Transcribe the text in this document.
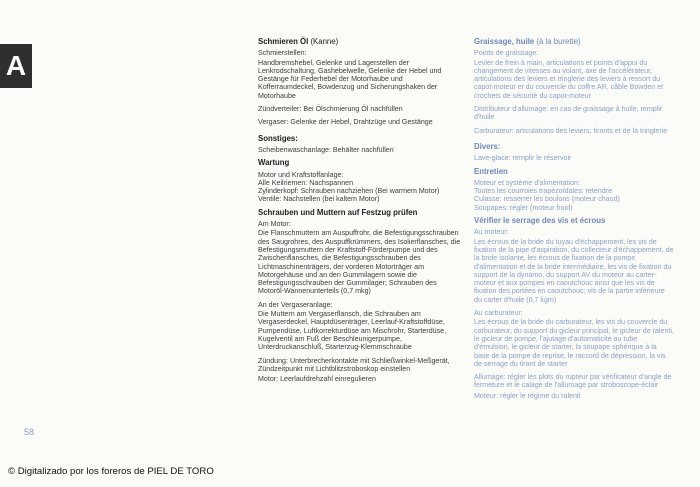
A
Schmieren Öl (Kanne)

Schmierstellen:

Handbremshebel, Gelenke und Lagerstellen der Lenkrodschaltung, Gashebelwelle, Gelenke der Hebel und Gestänge für Federhebel der Motorhaube und Kofferraumdeckel, Bowdenzug und Sicherungshaken der Motorhaube

Zündverteiler: Bei Ölschmierung Öl nachfüllen

Vergaser: Gelenke der Hebel, Drahtzüge und Gestänge

Sonstiges:

Scheibenwaschanlage: Behälter nachfüllen

Wartung

Motor und Kraftstoffanlage:

Alle Keilriemen: Nachspannen

Zylinderkopf: Schrauben nachziehen (Bei warmem Motor)

Ventile: Nachstellen (bei kaltem Motor)

Schrauben und Muttern auf Festzug prüfen

Am Motor:

Die Flanschmuttern am Auspuffrohr, die Befestigungsschrauben des Saugrohres, des Auspuffkrümmers, des Isolierflansches, die Befestigungsmuttern der Kraftstoff-Förderpumpe und des Zwischenflansches, die Befestigungsschrauben des Lichtmaschinenträgers, der vorderen Motorträger am Motorgehäuse und an den Gummilagern sowie die Befestigungsschrauben der Gummilager; Schrauben des Motoröl-Wannenunterteils (0,7 mkg)

An der Vergaseranlage:

Die Muttern am Vergaserflansch, die Schrauben am Vergaserdeckel, Hauptdüsenträger, Leerlauf-Kraftstoffdüse, Pumpendüse, Luftkorrekturdüse am Mischrohr, Starterdüse, Kugelventil am Fuß der Beschleunigerpumpe, Unterdruckanschluß, Starterzug-Klemmschraube

Zündung: Unterbrecherkontakte mit Schließwinkel-Meßgerät, Zündzeitpunkt mit Lichtblitzstroboskop einstellen

Motor: Leerlaufdrehzahl einregulieren

Graissage, huile (à la burette)

Points de graissage:

Levier de frein à main, articulations et points d'appui du changement de vitesses au volant, axe de l'accélérateur, articulations des leviers et tringlerie des leviers à ressort du capot-moteur et du couvercle du coffre AR, câble Bowden et crochets de sécurité du capot-moteur

Distributeur d'allumage: en cas de graissage à huile, remplir d'huile

Carburateur: articulations des leviers, tirants et de la tringlerie

Divers:

Lave-glace: remplir le réservoir

Entretien

Moteur et système d'alimentation:

Toutes les courroies trapézoïdales: retendre

Culasse: resserrer les boulons (moteur chaud)

Soupapes: régler (moteur froid)

Vérifier le serrage des vis et écrous

Au moteur:

Les écrous de la bride du tuyau d'échappement, les vis de fixation de la pipe d'aspiration, du collecteur d'échappement, de la bride isolante, les écrous de fixation de la pompe d'alimentation et de la bride intermédiaire, les vis de fixation du support de la dynamo, du support AV du moteur au carter-moteur et aux pompes en caoutchouc ainsi que les vis de fixation des portées en caoutchouc; vis de la partie inférieure du carter d'huile (0,7 kgm)

Au carburateur:

Les écrous de la bride du carburateur, les vis du couvercle du carburateur, du support du gicleur principal, le gicleur de ralenti, le gicleur de pompe, l'ajutage d'automaticité au tube d'émulsion, le gicleur de starter, la soupape sphérique à la base de la pompe de reprise, le raccord de dépression, la vis de serrage du tirant de starter

Allumage: régler les plots du rupteur par vérificateur d'angle de fermeture et le calage de l'allumage par stroboscope-éclair

Moteur: régler le régime du ralenti

58
© Digitalizado por los foreros de PIEL DE TORO
